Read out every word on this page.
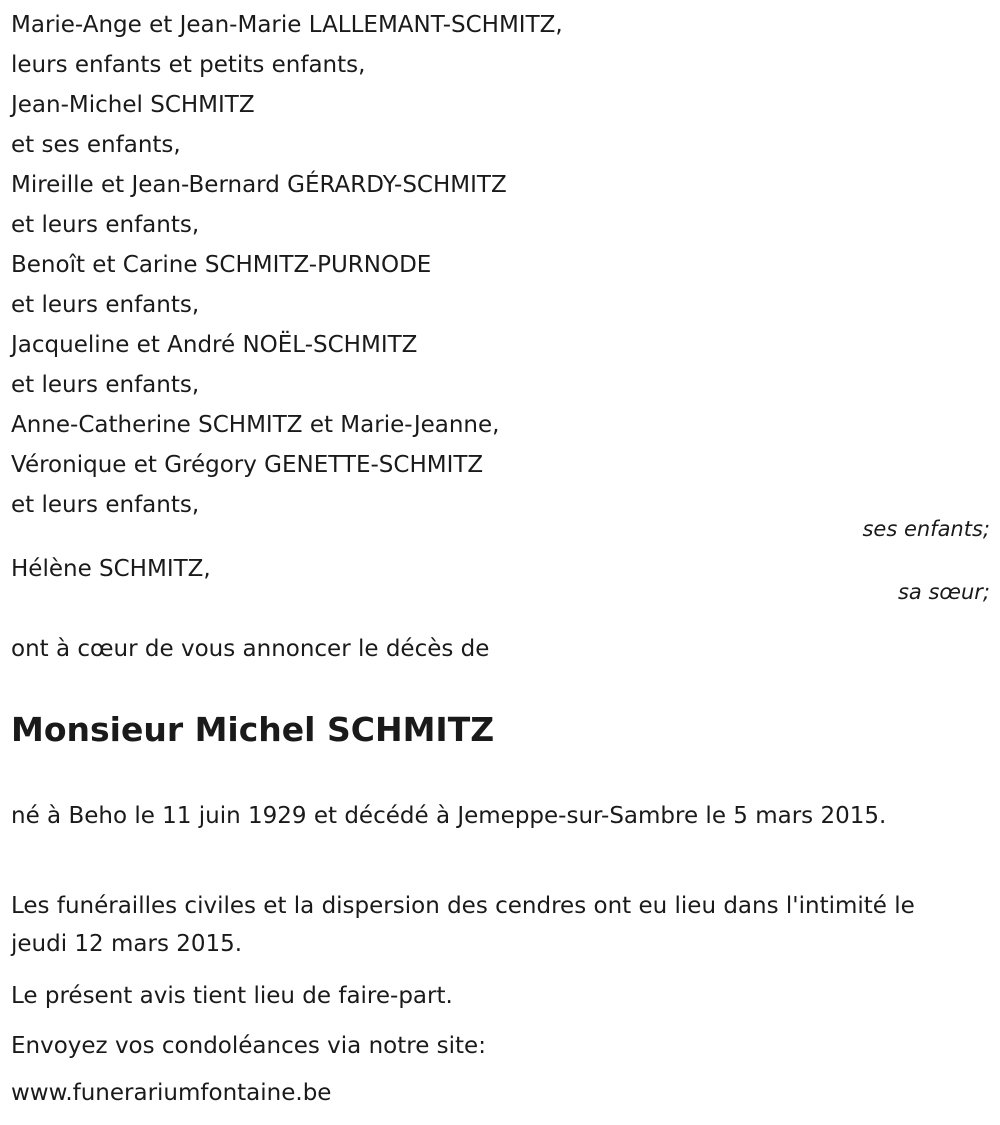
Marie-Ange et Jean-Marie LALLEMANT-SCHMITZ,
leurs enfants et petits enfants,
Jean-Michel SCHMITZ
et ses enfants,
Mireille et Jean-Bernard GÉRARDY-SCHMITZ
et leurs enfants,
Benoît et Carine SCHMITZ-PURNODE
et leurs enfants,
Jacqueline et André NOËL-SCHMITZ
et leurs enfants,
Anne-Catherine SCHMITZ et Marie-Jeanne,
Véronique et Grégory GENETTE-SCHMITZ
et leurs enfants,
ses enfants;
Hélène SCHMITZ,
sa sœur;
ont à cœur de vous annoncer le décès de
Monsieur Michel SCHMITZ
né à Beho le 11 juin 1929 et décédé à Jemeppe-sur-Sambre le 5 mars 2015.
Les funérailles civiles et la dispersion des cendres ont eu lieu dans l'intimité le jeudi 12 mars 2015.
Le présent avis tient lieu de faire-part.
Envoyez vos condoléances via notre site:
www.funerariumfontaine.be
